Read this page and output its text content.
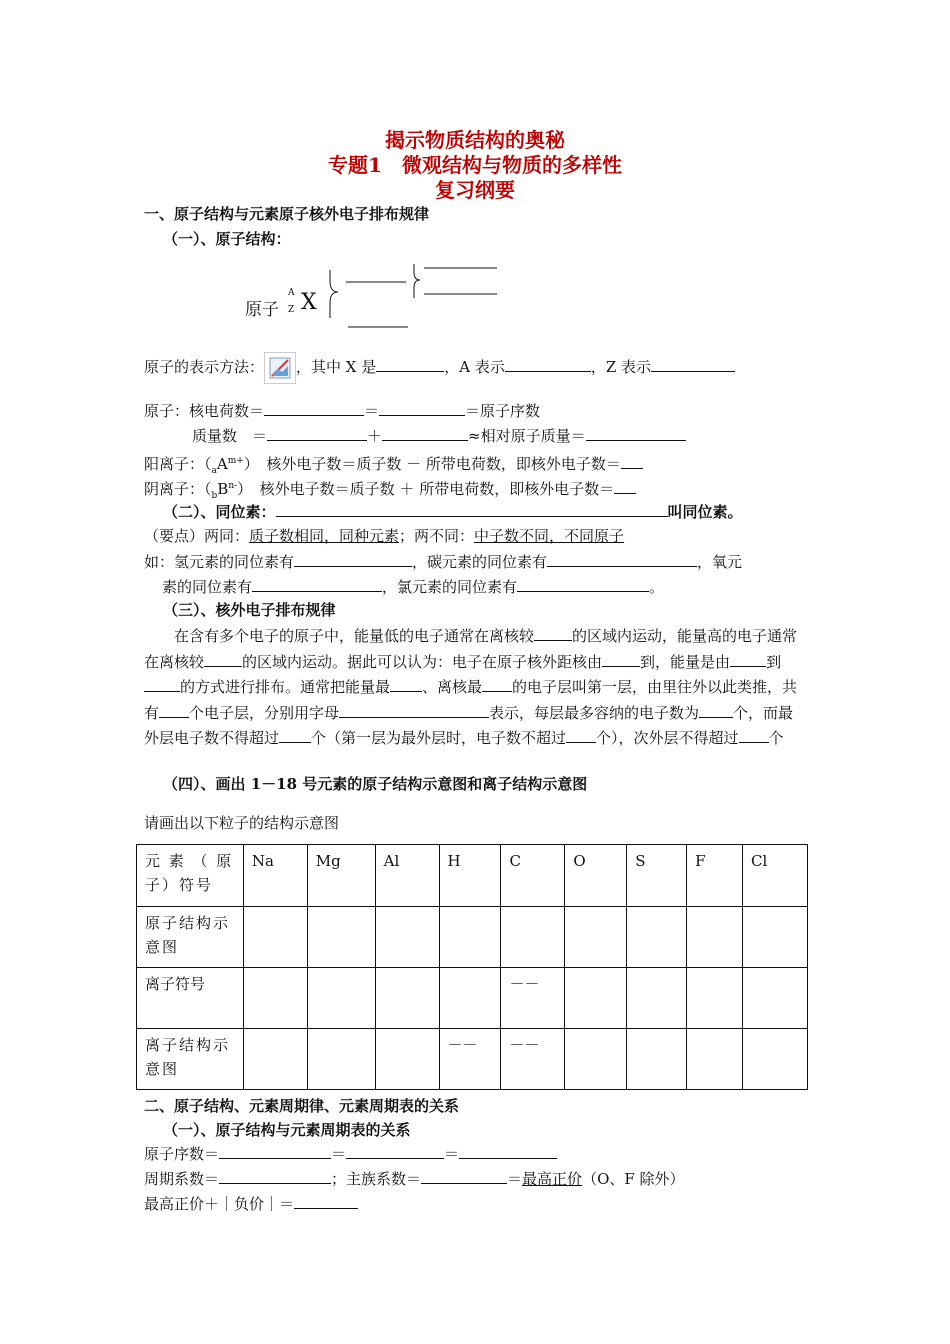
揭示物质结构的奥秘
专题1　微观结构与物质的多样性
复习纲要
一、原子结构与元素原子核外电子排布规律
（一）、原子结构：
原子
A
Z X
原子的表示方法： ，其中 X 是	，A 表示	，Z 表示
原子：核电荷数＝	＝	＝原子序数
质量数　＝	＋	≈相对原子质量＝
阳离子：$(_aA^{m+})$　核外电子数＝质子数 － 所带电荷数，即核外电子数＝
阴离子：$(_bB^{n-})$　核外电子数＝质子数 ＋ 所带电荷数，即核外电子数＝
（二）、同位素：	叫同位素。
（要点）两同：质子数相同，同种元素；两不同：中子数不同，不同原子
如：氢元素的同位素有	，碳元素的同位素有	，氧元
素的同位素有	，氯元素的同位素有	。
（三）、核外电子排布规律
在含有多个电子的原子中，能量低的电子通常在离核较	的区域内运动，能量高的电子通常在离核较	的区域内运动。据此可以认为：电子在原子核外距核由	到，能量是由 到的方式进行排布。通常把能量最 、离核最 的电子层叫第一层，由里往外以此类推，共有 个电子层，分别用字母	表示，每层最多容纳的电子数为 个，而最外层电子数不得超过 个（第一层为最外层时，电子数不超过 个），次外层不得超过 个
（四）、画出 1－18 号元素的原子结构示意图和离子结构示意图
请画出以下粒子的结构示意图
元 素 （ 原 子）符号	Na	Mg	Al	H	C	O	S	F	Cl
原子结构示意图									
离子符号					－－				
离子结构示意图				－－	－－				
二、原子结构、元素周期律、元素周期表的关系
（一）、原子结构与元素周期表的关系
原子序数＝	＝	＝
周期系数＝	；主族系数＝	＝最高正价（O、F 除外）
最高正价＋｜负价｜＝
